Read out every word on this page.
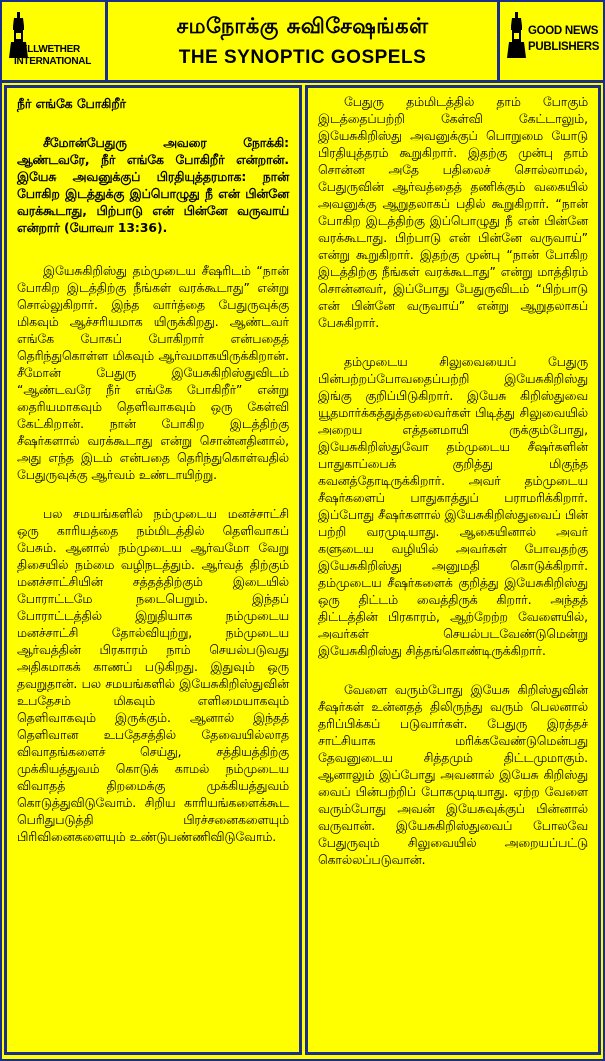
BELLWETHER
INTERNATIONAL
சமநோக்கு சுவிசேஷங்கள்
THE SYNOPTIC GOSPELS
GOOD NEWS
PUBLISHERS

நீர் எங்கே போகிறீர்

சீமோன்பேதுரு அவரை நோக்கி: ஆண்டவரே, நீர் எங்கே போகிறீர் என்றான். இயேசு அவனுக்குப் பிரதியுத்தரமாக: நான் போகிற இடத்துக்கு இப்பொழுது நீ என் பின்னே வரக்கூடாது, பிற்பாடு என் பின்னே வருவாய் என்றார் (யோவா 13:36).

இயேசுகிறிஸ்து தம்முடைய சீஷரிடம் “நான் போகிற இடத்திற்கு நீங்கள் வரக்கூடாது” என்று சொல்லுகிறார். இந்த வார்த்தை பேதுருவுக்கு மிகவும் ஆச்சரியமாக யிருக்கிறது. ஆண்டவர் எங்கே போகப் போகிறார் என்பதைத் தெரிந்துகொள்ள மிகவும் ஆர்வமாகயிருக்கிறான். சீமோன் பேதுரு இயேசுகிறிஸ்துவிடம் “ஆண்டவரே நீர் எங்கே போகிறீர்” என்று தைரியமாகவும் தெளிவாகவும் ஒரு கேள்வி கேட்கிறான். நான் போகிற இடத்திற்கு சீஷர்களால் வரக்கூடாது என்று சொன்னதினால், அது எந்த இடம் என்பதை தெரிந்துகொள்வதில் பேதுருவுக்கு ஆர்வம் உண்டாயிற்று.

பல சமயங்களில் நம்முடைய மனச்சாட்சி ஒரு காரியத்தை நம்மிடத்தில் தெளிவாகப் பேசும். ஆனால் நம்முடைய ஆர்வமோ வேறு திசையில் நம்மை வழிநடத்தும். ஆர்வத் திற்கும் மனச்சாட்சியின் சத்தத்திற்கும் இடையில் போராட்டமே நடைபெறும். இந்தப் போராட்டத்தில் இறுதியாக நம்முடைய மனச்சாட்சி தோல்வியுற்று, நம்முடைய ஆர்வத்தின் பிரகாரம் நாம் செயல்படுவது அதிகமாகக் காணப் படுகிறது. இதுவும் ஒரு தவறுதான். பல சமயங்களில் இயேசுகிறிஸ்துவின் உபதேசம் மிகவும் எளிமையாகவும் தெளிவாகவும் இருக்கும். ஆனால் இந்தத் தெளிவான உபதேசத்தில் தேவையில்லாத விவாதங்களைச் செய்து, சத்தியத்திற்கு முக்கியத்துவம் கொடுக் காமல் நம்முடைய விவாதத் திறமைக்கு முக்கியத்துவம் கொடுத்துவிடுவோம். சிறிய காரியங்களைக்கூட பெரிதுபடுத்தி பிரச்சனைகளையும் பிரிவினைகளையும் உண்டுபண்ணிவிடுவோம்.

பேதுரு தம்மிடத்தில் தாம் போகும் இடத்தைப்பற்றி கேள்வி கேட்டாலும், இயேசுகிறிஸ்து அவனுக்குப் பொறுமை யோடு பிரதியுத்தரம் கூறுகிறார். இதற்கு முன்பு தாம் சொன்ன அதே பதிலைச் சொல்லாமல், பேதுருவின் ஆர்வத்தைத் தணிக்கும் வகையில் அவனுக்கு ஆறுதலாகப் பதில் கூறுகிறார். “நான் போகிற இடத்திற்கு இப்பொழுது நீ என் பின்னே வரக்கூடாது. பிற்பாடு என் பின்னே வருவாய்” என்று கூறுகிறார். இதற்கு முன்பு “நான் போகிற இடத்திற்கு நீங்கள் வரக்கூடாது” என்று மாத்திரம் சொன்னவர், இப்போது பேதுருவிடம் “பிற்பாடு என் பின்னே வருவாய்” என்று ஆறுதலாகப் பேசுகிறார்.

தம்முடைய சிலுவையைப் பேதுரு பின்பற்றப்போவதைப்பற்றி இயேசுகிறிஸ்து இங்கு குறிப்பிடுகிறார். இயேசு கிறிஸ்துவை யூதமார்க்கத்துத்தலைவர்கள் பிடித்து சிலுவையில் அறைய எத்தனமாயி ருக்கும்போது, இயேசுகிறிஸ்துவோ தம்முடைய சீஷர்களின் பாதுகாப்பைக் குறித்து மிகுந்த கவனத்தோடிருக்கிறார். அவர் தம்முடைய சீஷர்களைப் பாதுகாத்துப் பராமரிக்கிறார். இப்போது சீஷர்களால் இயேசுகிறிஸ்துவைப் பின் பற்றி வரமுடியாது. ஆகையினால் அவர் களுடைய வழியில் அவர்கள் போவதற்கு இயேசுகிறிஸ்து அனுமதி கொடுக்கிறார். தம்முடைய சீஷர்களைக் குறித்து இயேசுகிறிஸ்து ஒரு திட்டம் வைத்திருக் கிறார். அந்தத் திட்டத்தின் பிரகாரம், ஆற்றேற்ற வேளையில், அவர்கள் செயல்படவேண்டுமென்று இயேசுகிறிஸ்து சித்தங்கொண்டிருக்கிறார்.

வேளை வரும்போது இயேசு கிறிஸ்துவின் சீஷர்கள் உன்னதத் திலிருந்து வரும் பெலனால் தரிப்பிக்கப் படுவார்கள். பேதுரு இரத்தச் சாட்சியாக மரிக்கவேண்டுமென்பது தேவனுடைய சித்தமும் திட்டமுமாகும். ஆனாலும் இப்போது அவனால் இயேசு கிறிஸ்து வைப் பின்பற்றிப் போகமுடியாது. ஏற்ற வேளை வரும்போது அவன் இயேசுவுக்குப் பின்னால் வருவான். இயேசுகிறிஸ்துவைப் போலவே பேதுருவும் சிலுவையில் அறையப்பட்டு கொல்லப்படுவான்.
